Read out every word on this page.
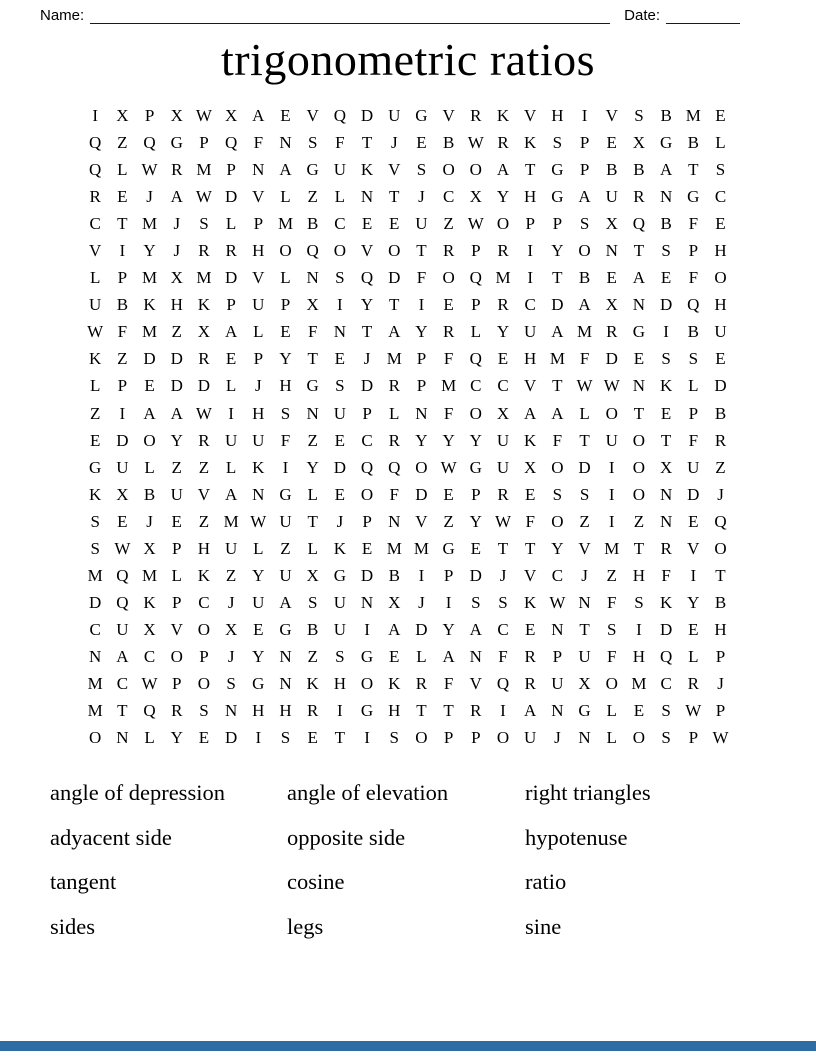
Name:	Date:
trigonometric ratios
I X P X W X A E V Q D U G V R K V H I V S B M E
Q Z Q G P Q F N S F T J E B W R K S P E X G B L
Q L W R M P N A G U K V S O O A T G P B B A T S
R E J A W D V L Z L N T J C X Y H G A U R N G C
C T M J S L P M B C E E U Z W O P P S X Q B F E
V I Y J R R H O Q O V O T R P R I Y O N T S P H
L P M X M D V L N S Q D F O Q M I T B E A E F O
U B K H K P U P X I Y T I E P R C D A X N D Q H
W F M Z X A L E F N T A Y R L Y U A M R G I B U
K Z D D R E P Y T E J M P F Q E H M F D E S S E
L P E D D L J H G S D R P M C C V T W W N K L D
Z I A A W I H S N U P L N F O X A A L O T E P B
E D O Y R U U F Z E C R Y Y Y U K F T U O T F R
G U L Z Z L K I Y D Q Q O W G U X O D I O X U Z
K X B U V A N G L E O F D E P R E S S I O N D J
S E J E Z M W U T J P N V Z Y W F O Z I Z N E Q
S W X P H U L Z L K E M M G E T T Y V M T R V O
M Q M L K Z Y U X G D B I P D J V C J Z H F I T
D Q K P C J U A S U N X J I S S K W N F S K Y B
C U X V O X E G B U I A D Y A C E N T S I D E H
N A C O P J Y N Z S G E L A N F R P U F H Q L P
M C W P O S G N K H O K R F V Q R U X O M C R J
M T Q R S N H H R I G H T T R I A N G L E S W P
O N L Y E D I S E T I S O P P O U J N L O S P W
angle of depression
adyacent side
tangent
sides
angle of elevation
opposite side
cosine
legs
right triangles
hypotenuse
ratio
sine
